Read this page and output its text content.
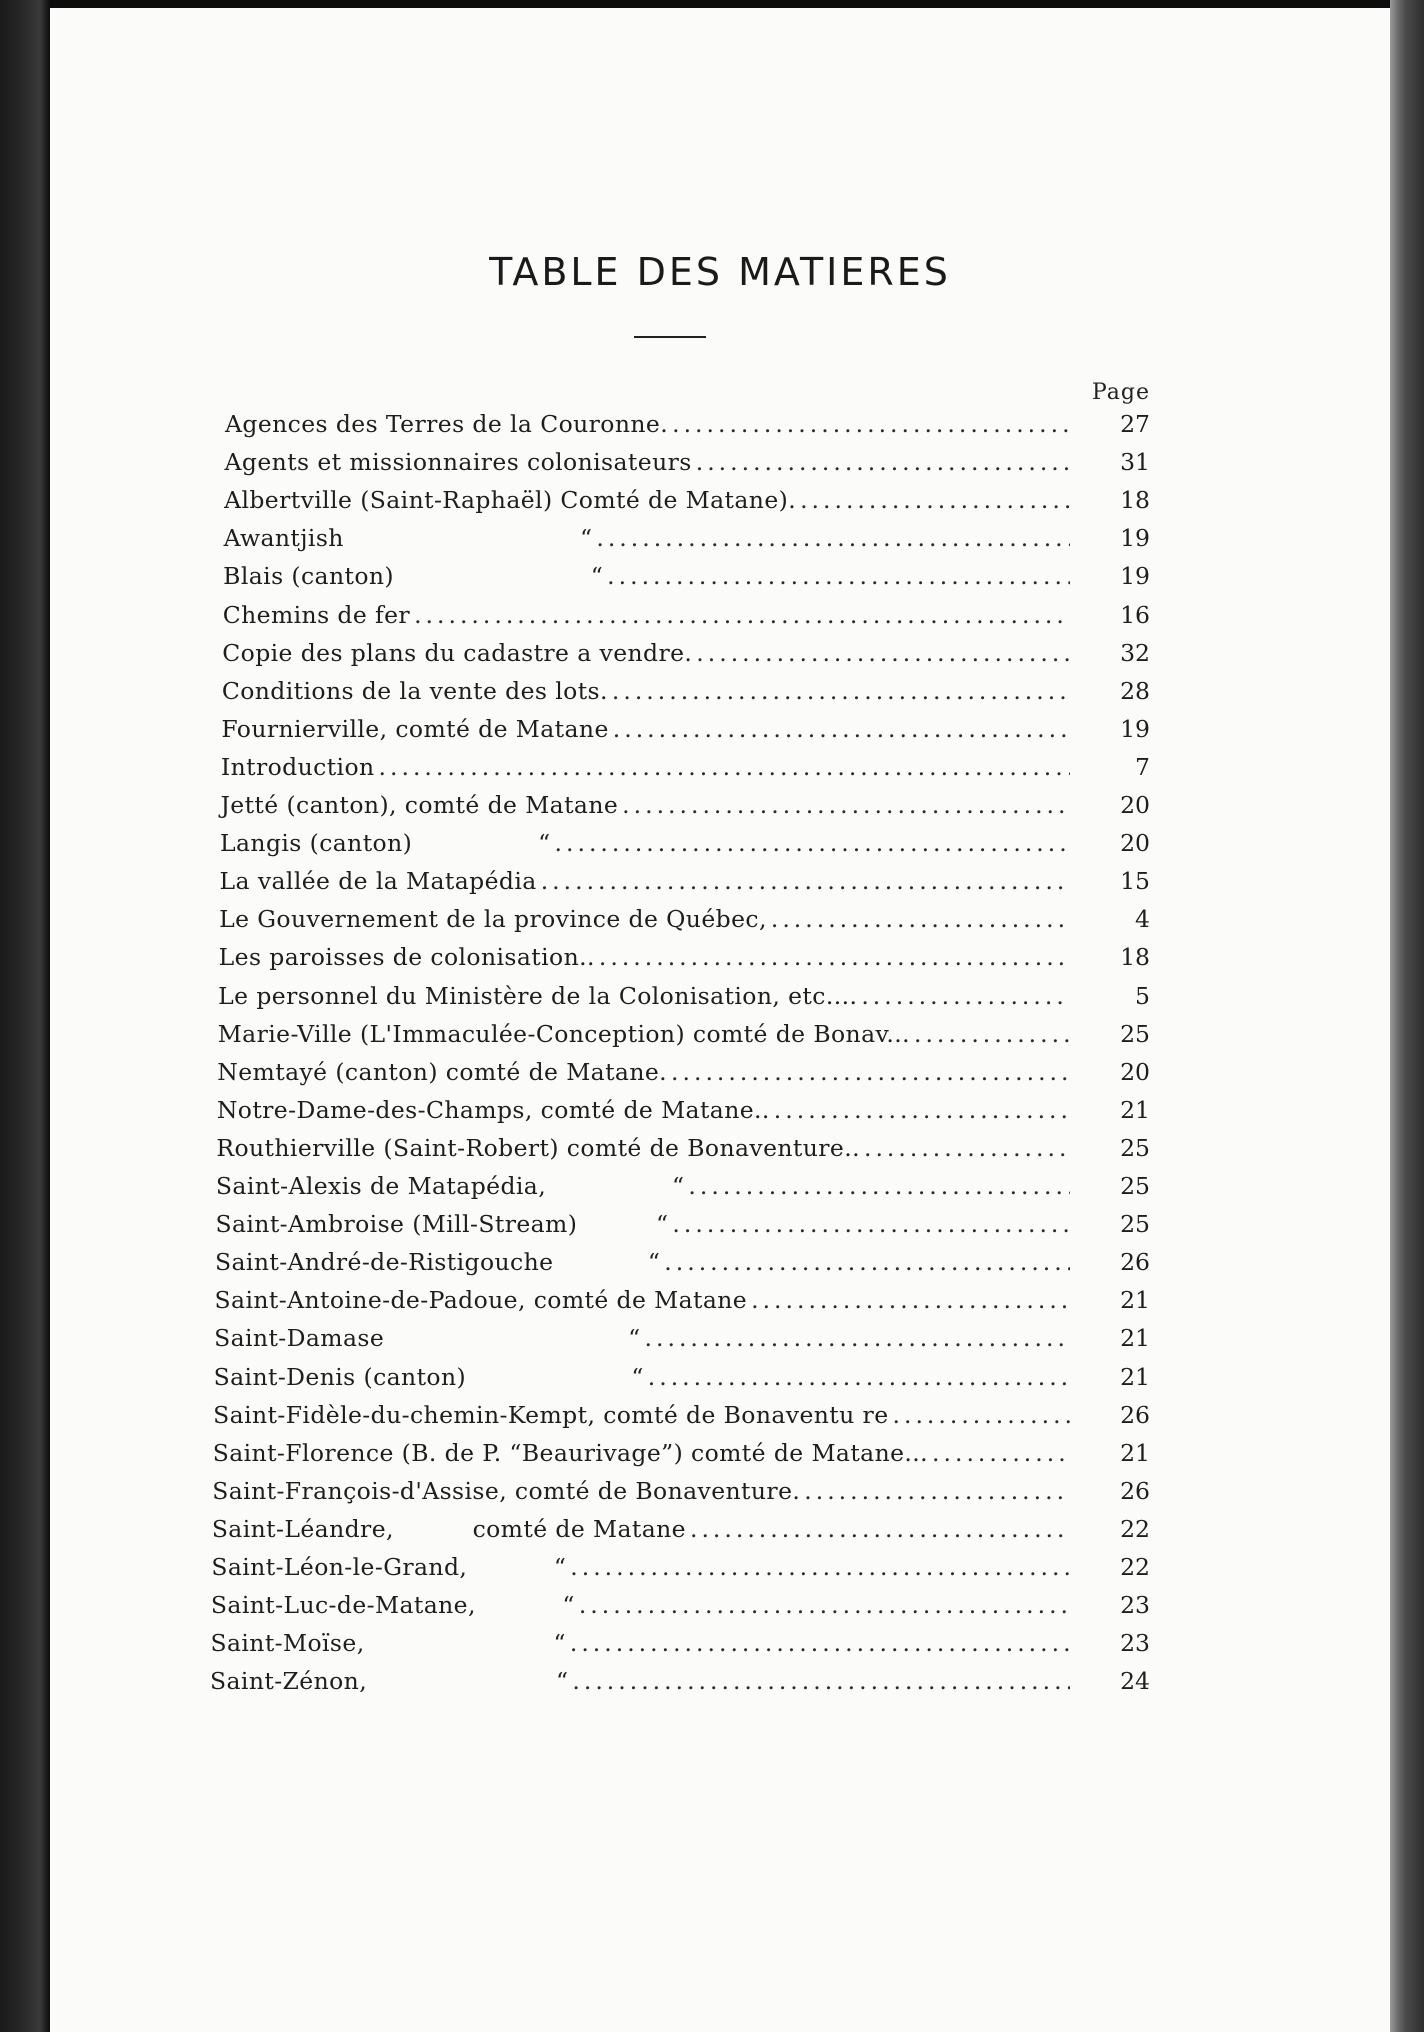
TABLE DES MATIERES
Page
Agences des Terres de la Couronne. .....	27
Agents et missionnaires colonisateurs .....	31
Albertville (Saint-Raphaël) Comté de Matane). .....	18
Awantjish                              “ .....	19
Blais (canton)                         “ .....	19
Chemins de fer .....	16
Copie des plans du cadastre a vendre. .....	32
Conditions de la vente des lots. .....	28
Fournierville, comté de Matane .....	19
Introduction .....	7
Jetté (canton), comté de Matane .....	20
Langis (canton)                “ .....	20
La vallée de la Matapédia .....	15
Le Gouvernement de la province de Québec, .....	4
Les paroisses de colonisation.. .....	18
Le personnel du Ministère de la Colonisation, etc.... .....	5
Marie-Ville (L'Immaculée-Conception) comté de Bonav... .....	25
Nemtayé (canton) comté de Matane. .....	20
Notre-Dame-des-Champs, comté de Matane.. .....	21
Routhierville (Saint-Robert) comté de Bonaventure.. .....	25
Saint-Alexis de Matapédia,                “ .....	25
Saint-Ambroise (Mill-Stream)          “ .....	25
Saint-André-de-Ristigouche            “ .....	26
Saint-Antoine-de-Padoue, comté de Matane .....	21
Saint-Damase                               “ .....	21
Saint-Denis (canton)                     “ .....	21
Saint-Fidèle-du-chemin-Kempt, comté de Bonaventu re .....	26
Saint-Florence (B. de P. “Beaurivage”) comté de Matane... .....	21
Saint-François-d'Assise, comté de Bonaventure. .....	26
Saint-Léandre,          comté de Matane .....	22
Saint-Léon-le-Grand,           “ .....	22
Saint-Luc-de-Matane,           “ .....	23
Saint-Moïse,                        “ .....	23
Saint-Zénon,                        “ .....	24
